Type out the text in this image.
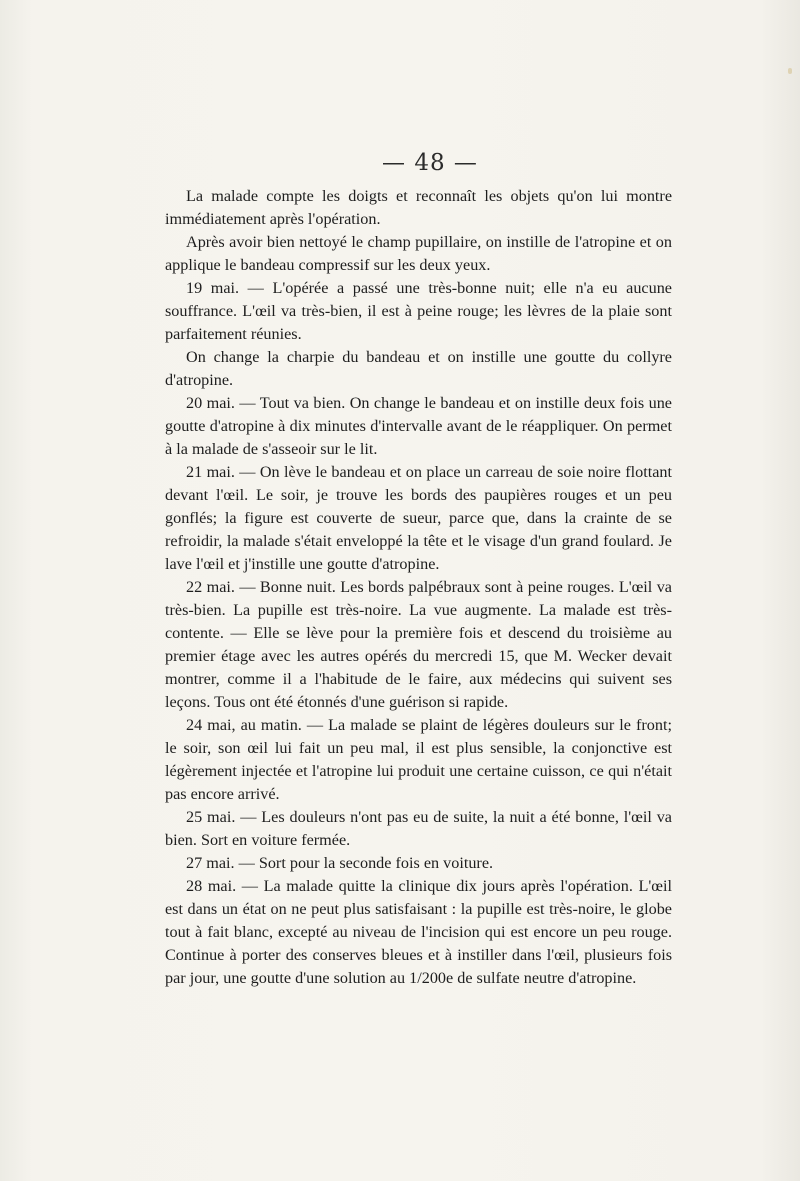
— 48 —

La malade compte les doigts et reconnaît les objets qu'on lui montre immédiatement après l'opération.

Après avoir bien nettoyé le champ pupillaire, on instille de l'atropine et on applique le bandeau compressif sur les deux yeux.

19 mai. — L'opérée a passé une très-bonne nuit; elle n'a eu aucune souffrance. L'œil va très-bien, il est à peine rouge; les lèvres de la plaie sont parfaitement réunies.

On change la charpie du bandeau et on instille une goutte du collyre d'atropine.

20 mai. — Tout va bien. On change le bandeau et on instille deux fois une goutte d'atropine à dix minutes d'intervalle avant de le réappliquer. On permet à la malade de s'asseoir sur le lit.

21 mai. — On lève le bandeau et on place un carreau de soie noire flottant devant l'œil. Le soir, je trouve les bords des paupières rouges et un peu gonflés; la figure est couverte de sueur, parce que, dans la crainte de se refroidir, la malade s'était enveloppé la tête et le visage d'un grand foulard. Je lave l'œil et j'instille une goutte d'atropine.

22 mai. — Bonne nuit. Les bords palpébraux sont à peine rouges. L'œil va très-bien. La pupille est très-noire. La vue augmente. La malade est très-contente. — Elle se lève pour la première fois et descend du troisième au premier étage avec les autres opérés du mercredi 15, que M. Wecker devait montrer, comme il a l'habitude de le faire, aux médecins qui suivent ses leçons. Tous ont été étonnés d'une guérison si rapide.

24 mai, au matin. — La malade se plaint de légères douleurs sur le front; le soir, son œil lui fait un peu mal, il est plus sensible, la conjonctive est légèrement injectée et l'atropine lui produit une certaine cuisson, ce qui n'était pas encore arrivé.

25 mai. — Les douleurs n'ont pas eu de suite, la nuit a été bonne, l'œil va bien. Sort en voiture fermée.

27 mai. — Sort pour la seconde fois en voiture.

28 mai. — La malade quitte la clinique dix jours après l'opération. L'œil est dans un état on ne peut plus satisfaisant : la pupille est très-noire, le globe tout à fait blanc, excepté au niveau de l'incision qui est encore un peu rouge. Continue à porter des conserves bleues et à instiller dans l'œil, plusieurs fois par jour, une goutte d'une solution au 1/200e de sulfate neutre d'atropine.
